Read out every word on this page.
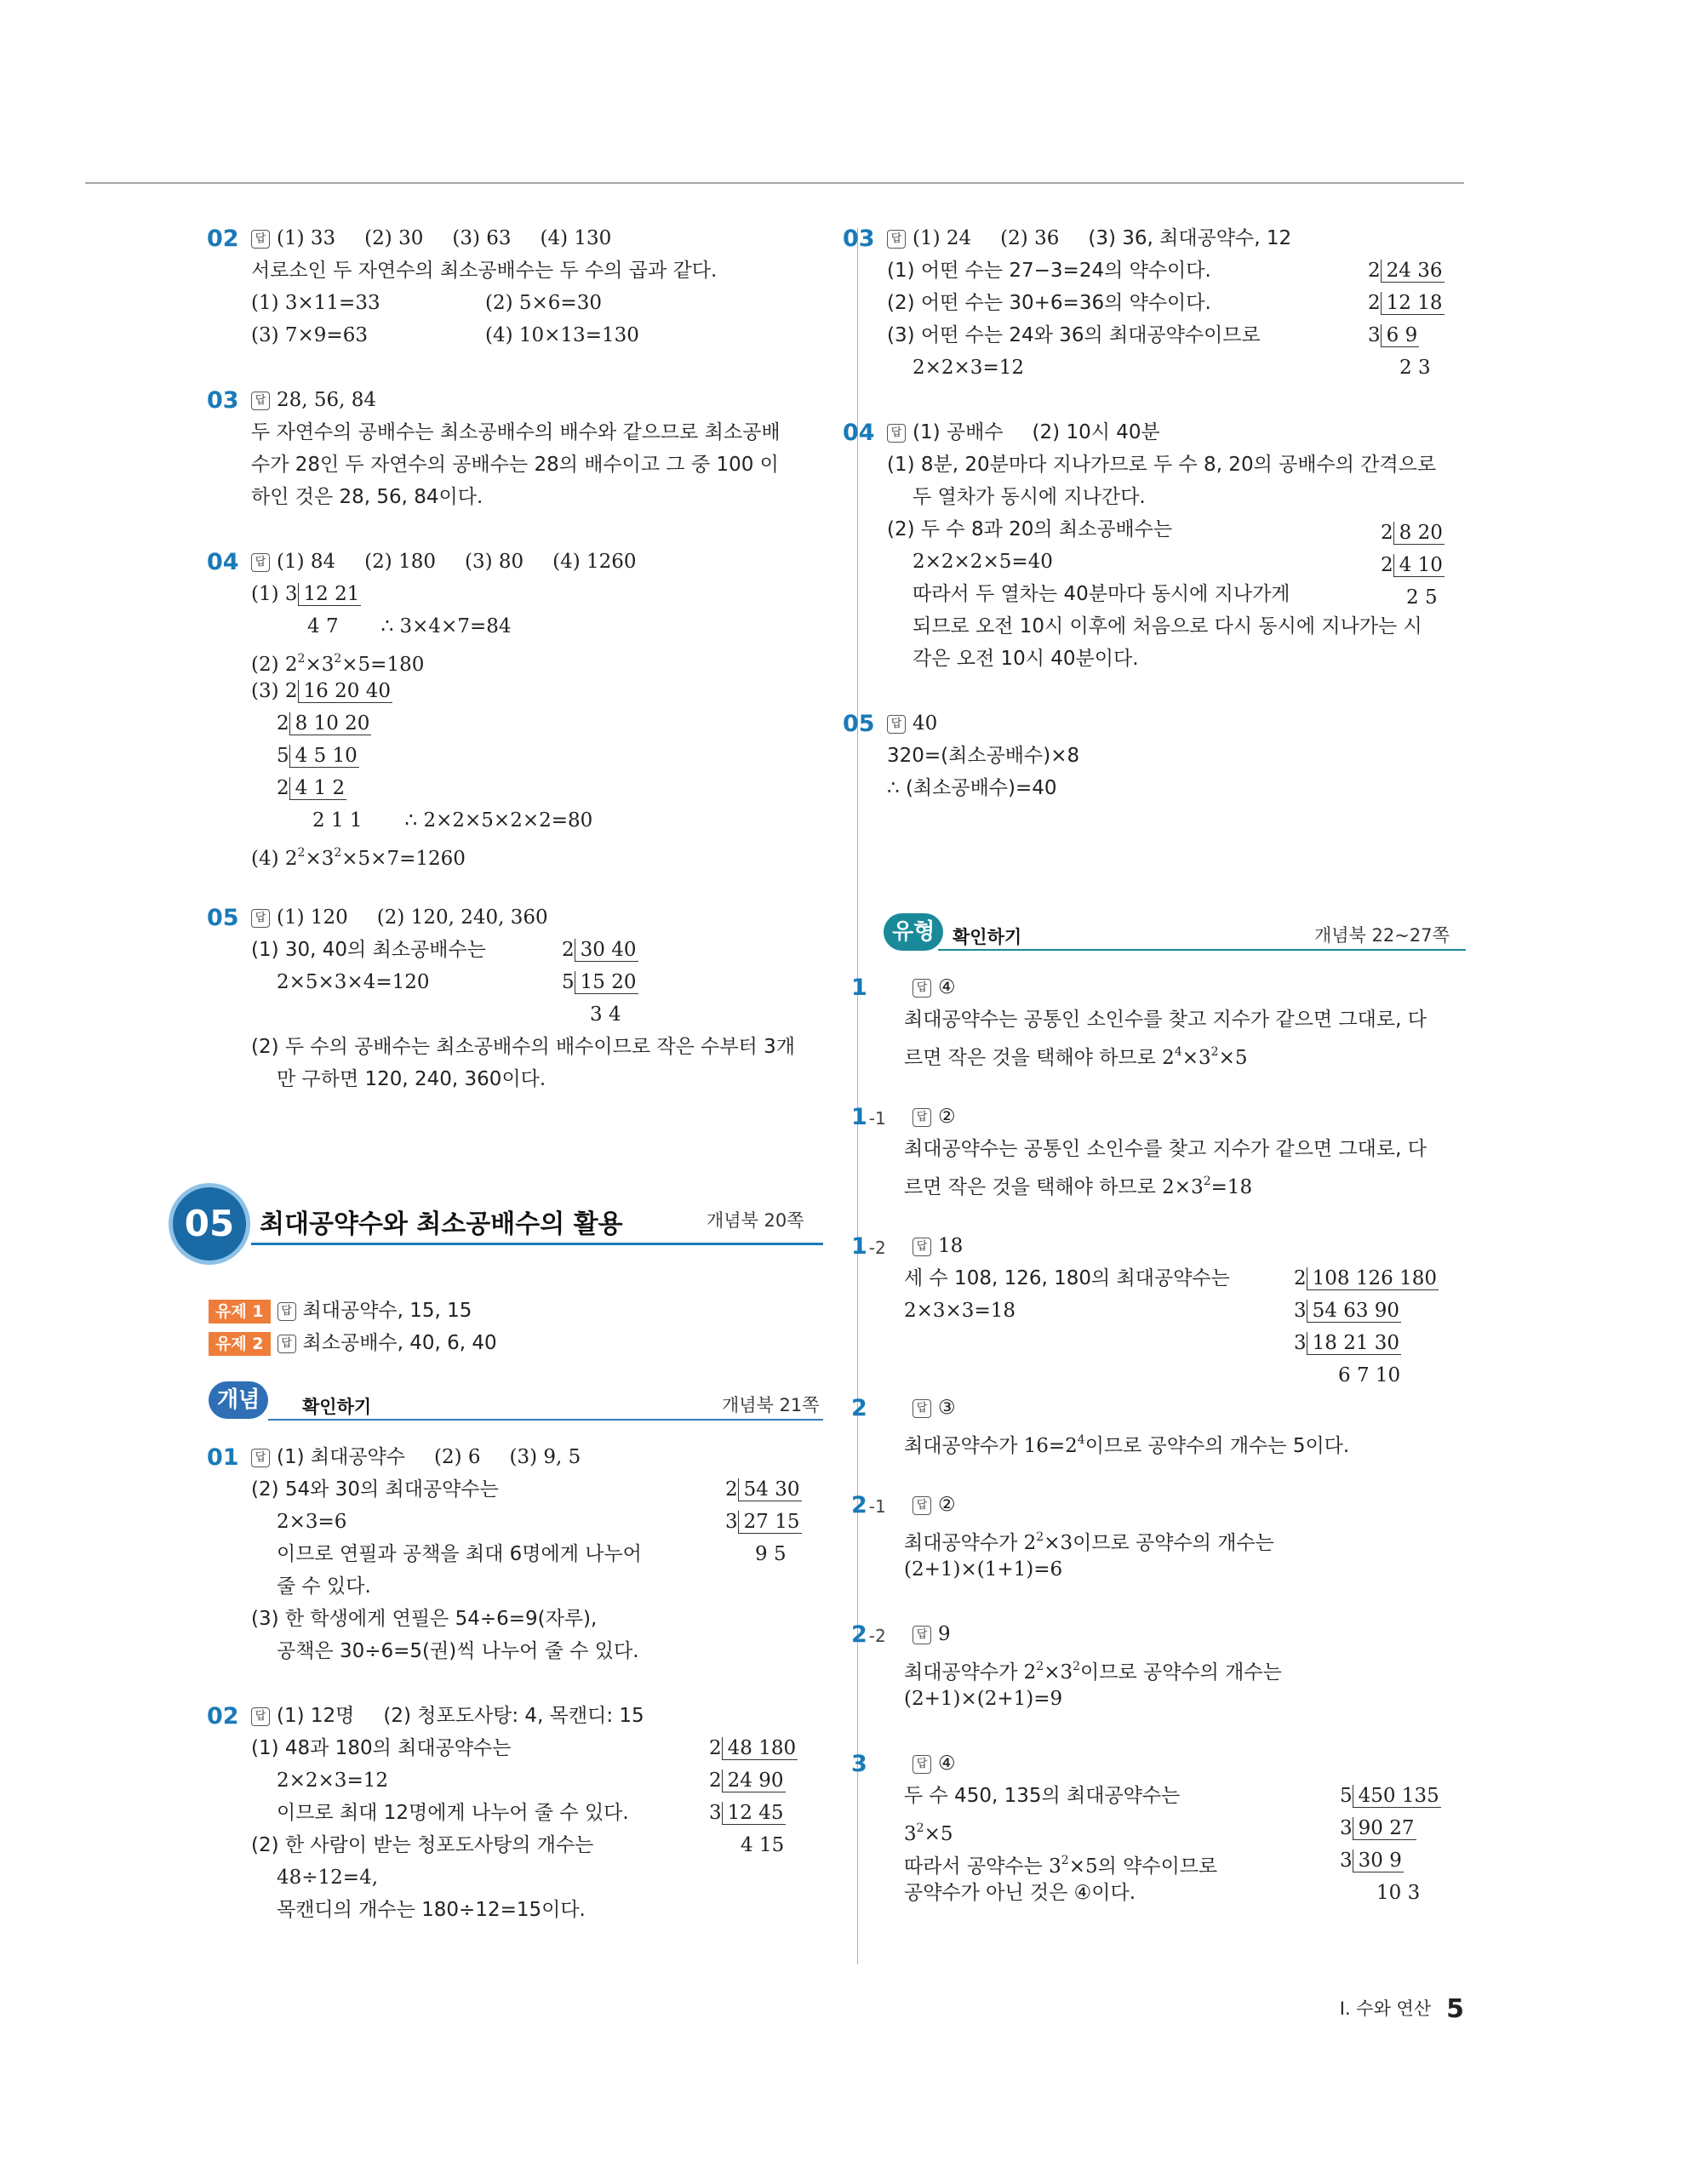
02	답 (1) 33 (2) 30 (3) 63 (4) 130
서로소인 두 자연수의 최소공배수는 두 수의 곱과 같다.
(1) 3×11=33	(2) 5×6=30
(3) 7×9=63	(4) 10×13=130
03	답 28, 56, 84
두 자연수의 공배수는 최소공배수의 배수와 같으므로 최소공배
수가 28인 두 자연수의 공배수는 28의 배수이고 그 중 100 이
하인 것은 28, 56, 84이다.
04	답 (1) 84 (2) 180 (3) 80 (4) 1260
(1) 3 12 21
4 7 ∴ 3×4×7=84
(2) $2^2\times 3^2\times 5=180$
(3) 2 16 20 40
2 8 10 20
5 4 5 10
2 4 1 2
2 1 1 ∴ 2×2×5×2×2=80
(4) $2^2\times 3^2\times 5\times 7=1260$
05	답 (1) 120 (2) 120, 240, 360
(1) 30, 40의 최소공배수는
2×5×3×4=120
2 30 40
5 15 20
3 4
(2) 두 수의 공배수는 최소공배수의 배수이므로 작은 수부터 3개
만 구하면 120, 240, 360이다.
05 최대공약수와 최소공배수의 활용	개념북 20쪽
유제 1 답 최대공약수, 15, 15
유제 2 답 최소공배수, 40, 6, 40
개념	확인하기	개념북 21쪽
01	답 (1) 최대공약수 (2) 6 (3) 9, 5
(2) 54와 30의 최대공약수는
2×3=6
이므로 연필과 공책을 최대 6명에게 나누어
줄 수 있다.
(3) 한 학생에게 연필은 54÷6=9(자루),
공책은 30÷6=5(권)씩 나누어 줄 수 있다.
2 54 30
3 27 15
9 5
02	답 (1) 12명 (2) 청포도사탕: 4, 목캔디: 15
(1) 48과 180의 최대공약수는
2×2×3=12
이므로 최대 12명에게 나누어 줄 수 있다.
(2) 한 사람이 받는 청포도사탕의 개수는
48÷12=4,
목캔디의 개수는 180÷12=15이다.
2 48 180
2 24 90
3 12 45
4 15
03	답 (1) 24 (2) 36 (3) 36, 최대공약수, 12
(1) 어떤 수는 27−3=24의 약수이다.
(2) 어떤 수는 30+6=36의 약수이다.
(3) 어떤 수는 24와 36의 최대공약수이므로
2×2×3=12
2 24 36
2 12 18
3 6 9
2 3
04	답 (1) 공배수 (2) 10시 40분
(1) 8분, 20분마다 지나가므로 두 수 8, 20의 공배수의 간격으로
두 열차가 동시에 지나간다.
(2) 두 수 8과 20의 최소공배수는
2×2×2×5=40
따라서 두 열차는 40분마다 동시에 지나가게
되므로 오전 10시 이후에 처음으로 다시 동시에 지나가는 시
각은 오전 10시 40분이다.
2 8 20
2 4 10
2 5
05	답 40
320=(최소공배수)×8
∴ (최소공배수)=40
유형 확인하기	개념북 22~27쪽
1	답 ④
최대공약수는 공통인 소인수를 찾고 지수가 같으면 그대로, 다
르면 작은 것을 택해야 하므로 $2^4\times 3^2\times 5$
1 -1	답 ②
최대공약수는 공통인 소인수를 찾고 지수가 같으면 그대로, 다
르면 작은 것을 택해야 하므로 $2\times 3^2=18$
1 -2	답 18
세 수 108, 126, 180의 최대공약수는
2×3×3=18
2 108 126 180
3 54 63 90
3 18 21 30
6 7 10
2	답 ③
최대공약수가 $16=2^4$이므로 공약수의 개수는 5이다.
2 -1	답 ②
최대공약수가 $2^2\times 3$이므로 공약수의 개수는
(2+1)×(1+1)=6
2 -2	답 9
최대공약수가 $2^2\times 3^2$이므로 공약수의 개수는
(2+1)×(2+1)=9
3	답 ④
두 수 450, 135의 최대공약수는
$3^2\times 5$
따라서 공약수는 $3^2\times 5$의 약수이므로
공약수가 아닌 것은 ④이다.
5 450 135
3 90 27
3 30 9
10 3
I. 수와 연산 5
